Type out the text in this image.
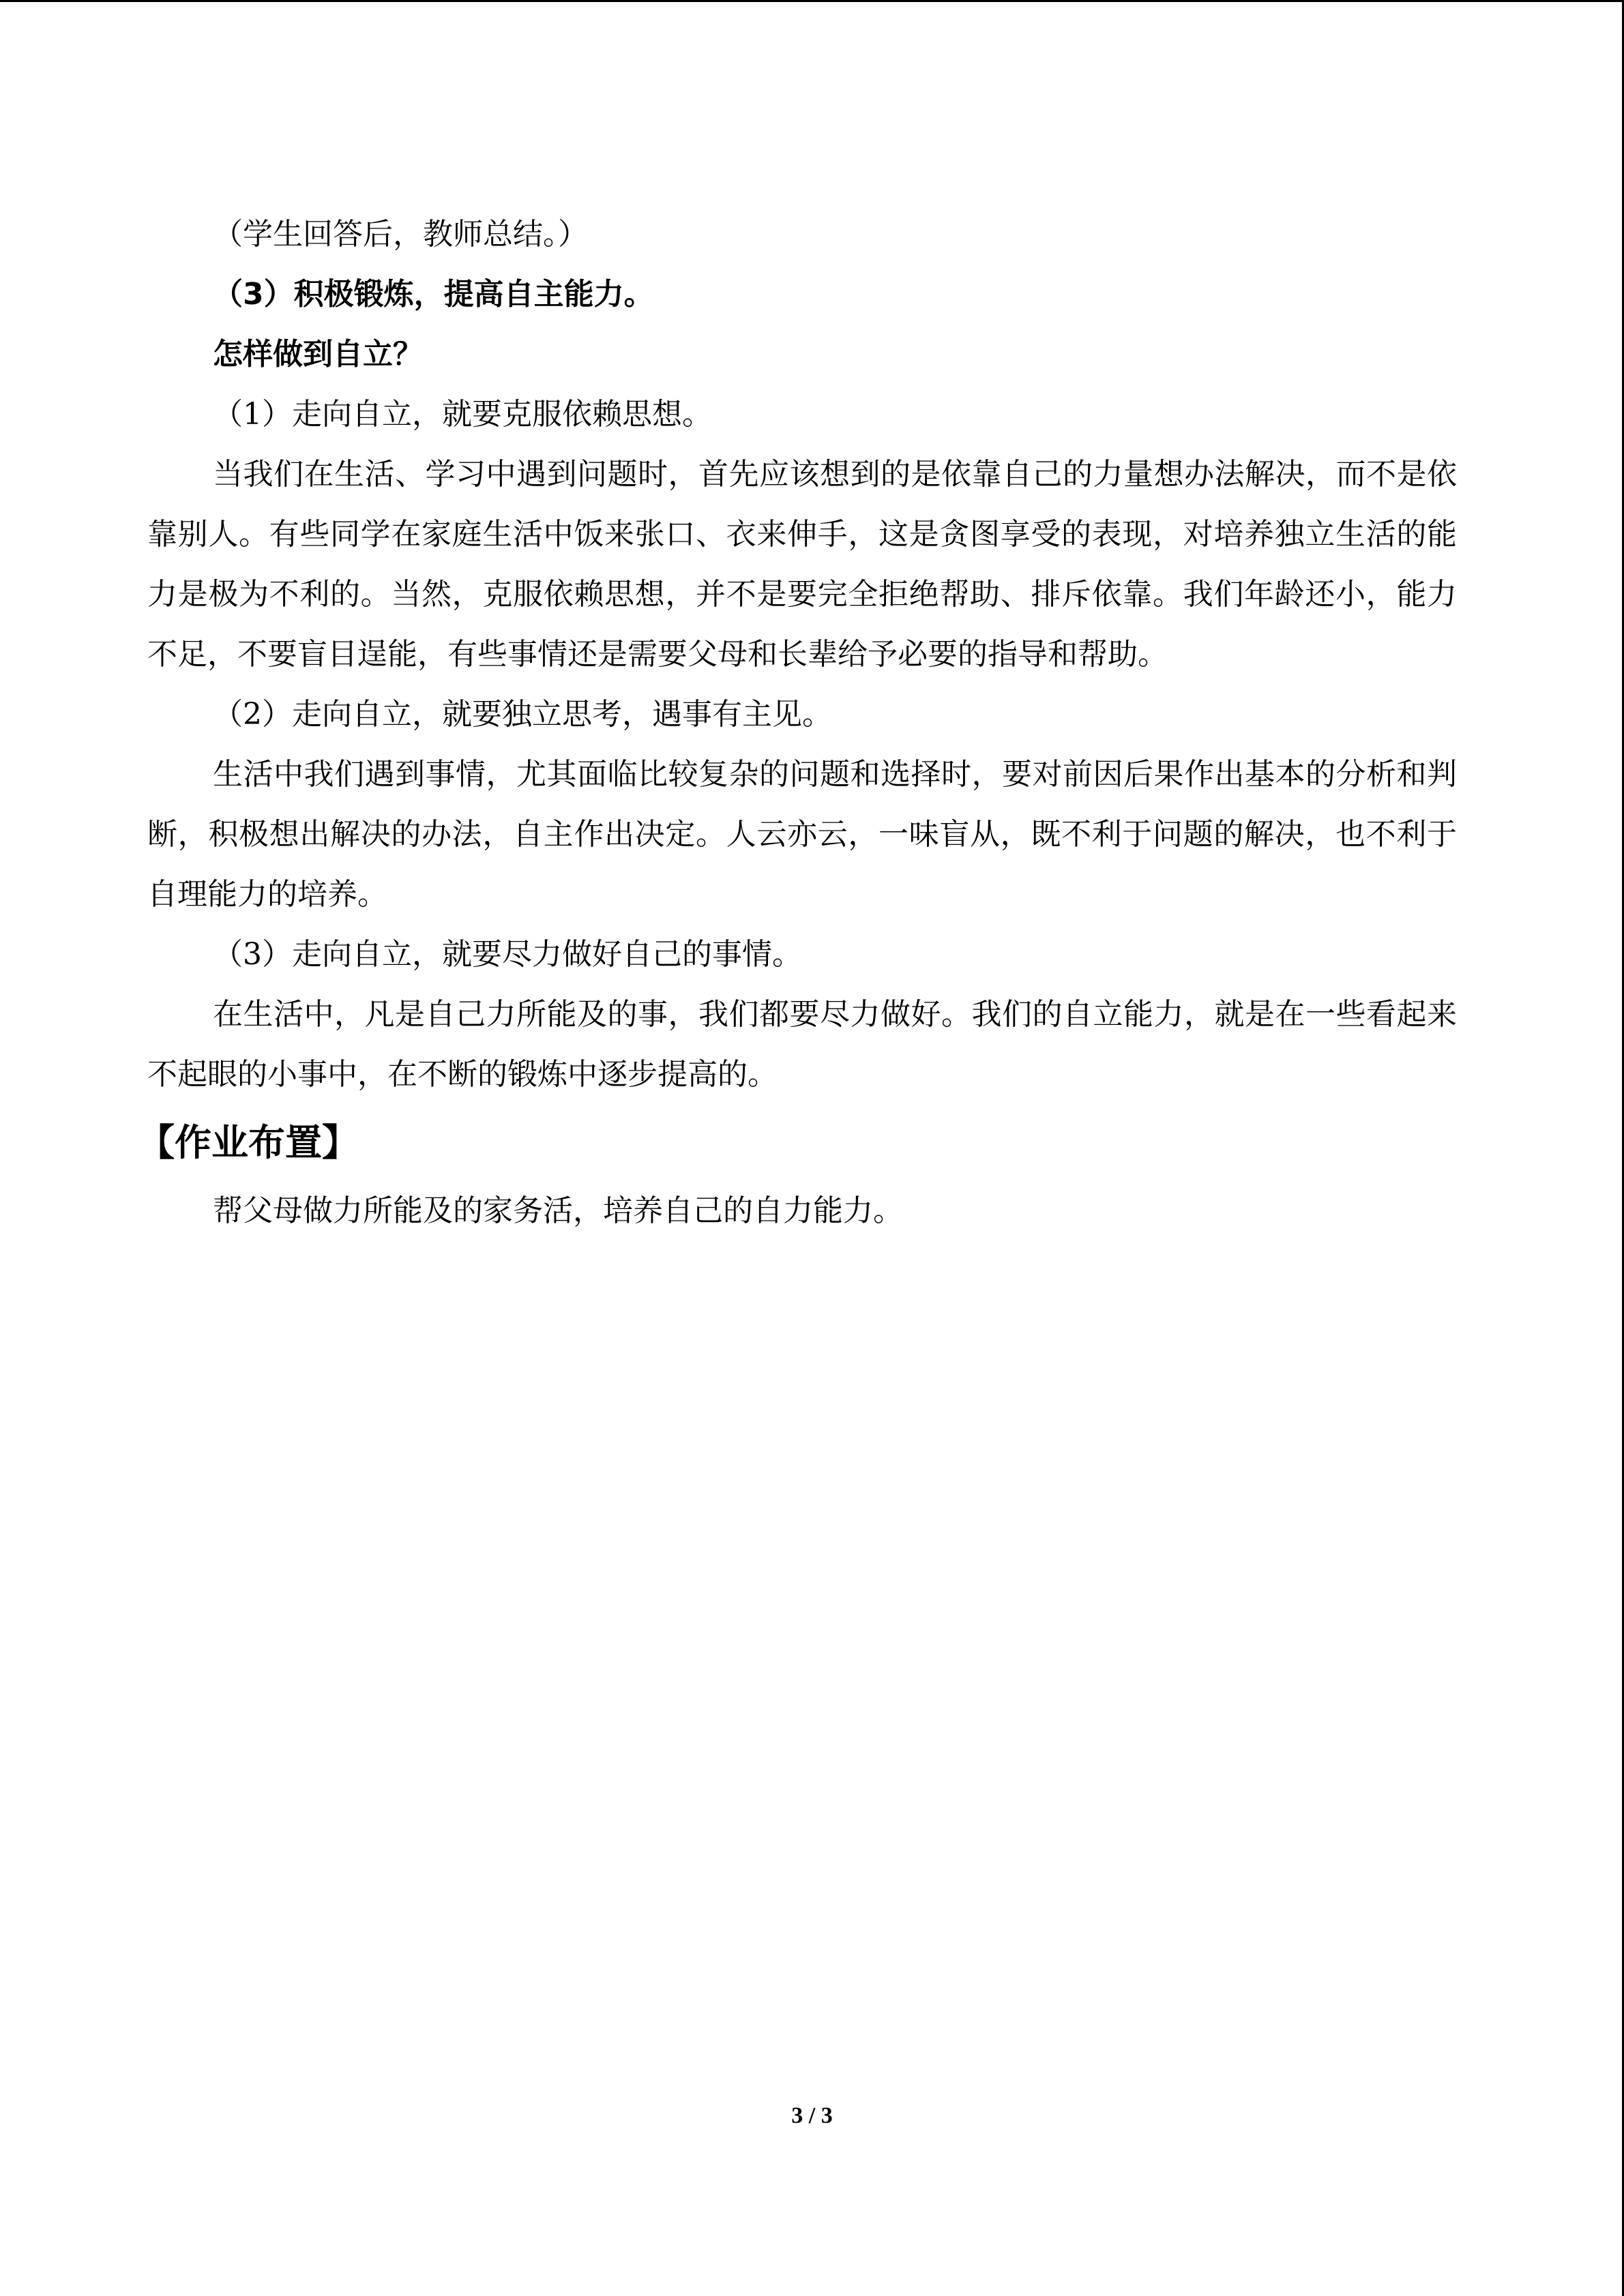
（学生回答后，教师总结。）

（3）积极锻炼，提高自主能力。

怎样做到自立？

（1）走向自立，就要克服依赖思想。

当我们在生活、学习中遇到问题时，首先应该想到的是依靠自己的力量想办法解决，而不是依靠别人。有些同学在家庭生活中饭来张口、衣来伸手，这是贪图享受的表现，对培养独立生活的能力是极为不利的。当然，克服依赖思想，并不是要完全拒绝帮助、排斥依靠。我们年龄还小，能力不足，不要盲目逞能，有些事情还是需要父母和长辈给予必要的指导和帮助。

（2）走向自立，就要独立思考，遇事有主见。

生活中我们遇到事情，尤其面临比较复杂的问题和选择时，要对前因后果作出基本的分析和判断，积极想出解决的办法，自主作出决定。人云亦云，一味盲从，既不利于问题的解决，也不利于自理能力的培养。

（3）走向自立，就要尽力做好自己的事情。

在生活中，凡是自己力所能及的事，我们都要尽力做好。我们的自立能力，就是在一些看起来不起眼的小事中，在不断的锻炼中逐步提高的。

【作业布置】

帮父母做力所能及的家务活，培养自己的自力能力。

3 / 3
